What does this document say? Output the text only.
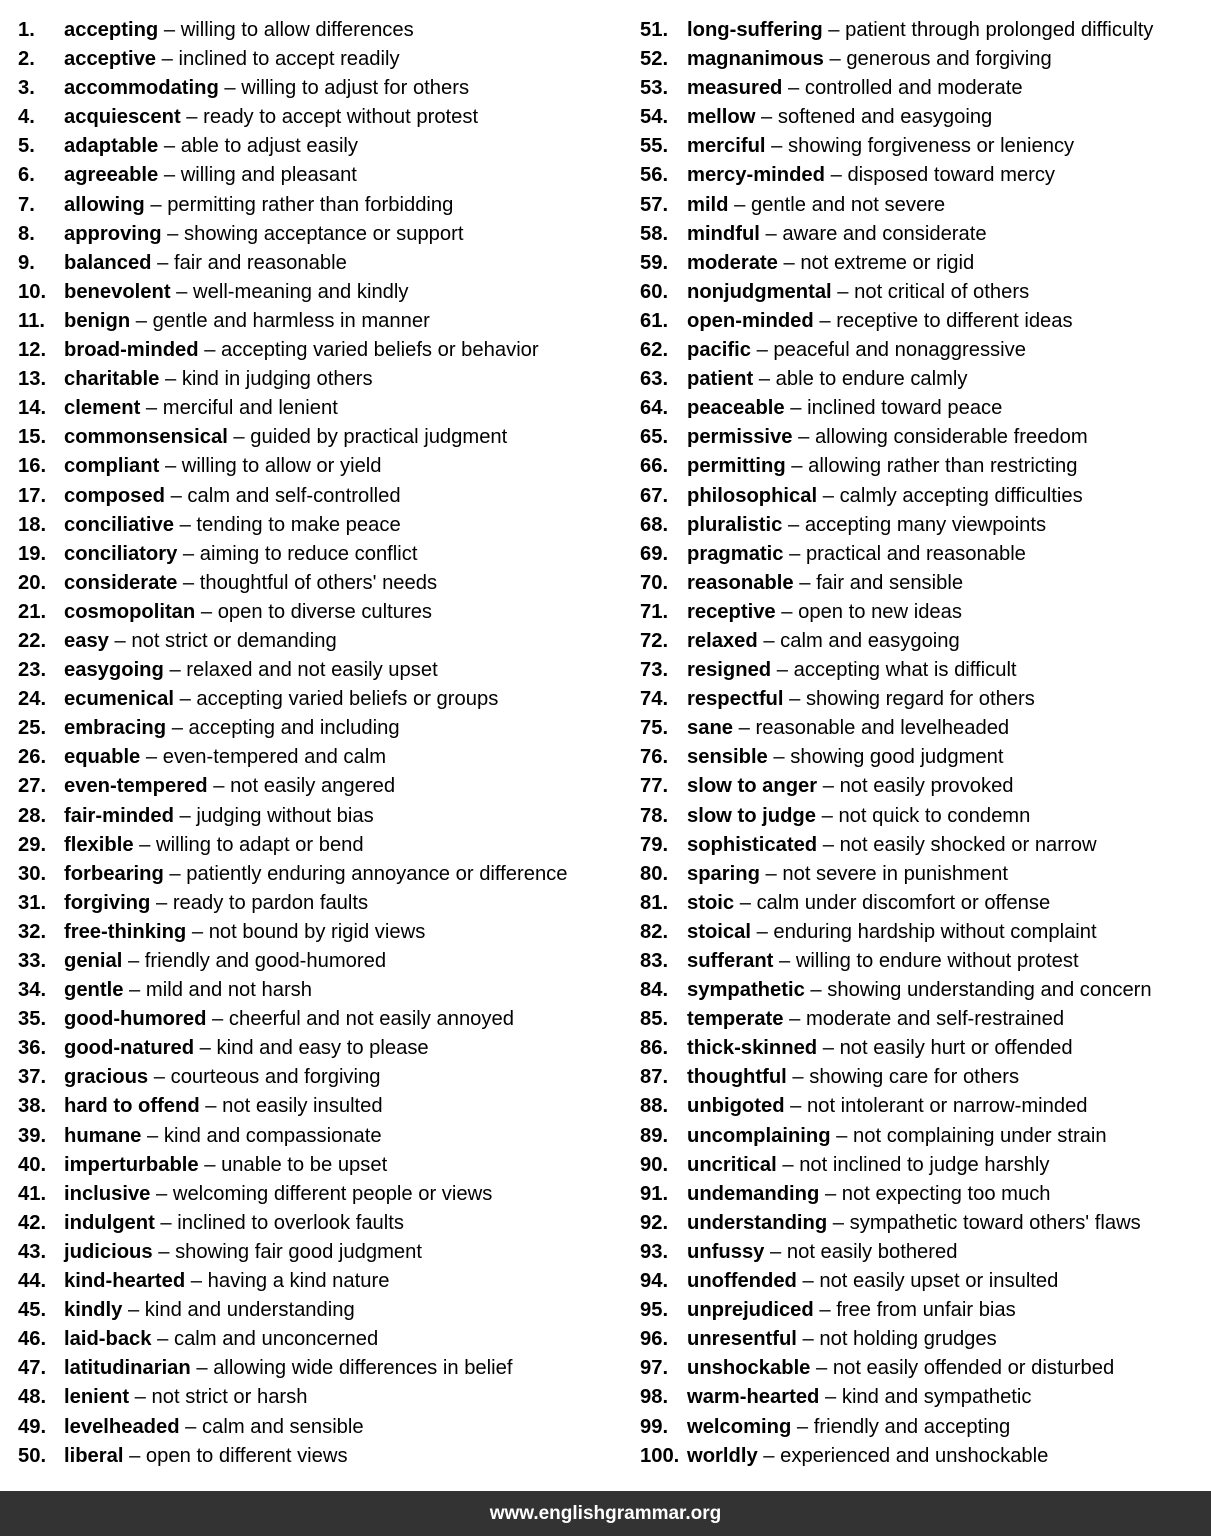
1. accepting – willing to allow differences
2. acceptive – inclined to accept readily
3. accommodating – willing to adjust for others
4. acquiescent – ready to accept without protest
5. adaptable – able to adjust easily
6. agreeable – willing and pleasant
7. allowing – permitting rather than forbidding
8. approving – showing acceptance or support
9. balanced – fair and reasonable
10. benevolent – well-meaning and kindly
11. benign – gentle and harmless in manner
12. broad-minded – accepting varied beliefs or behavior
13. charitable – kind in judging others
14. clement – merciful and lenient
15. commonsensical – guided by practical judgment
16. compliant – willing to allow or yield
17. composed – calm and self-controlled
18. conciliative – tending to make peace
19. conciliatory – aiming to reduce conflict
20. considerate – thoughtful of others' needs
21. cosmopolitan – open to diverse cultures
22. easy – not strict or demanding
23. easygoing – relaxed and not easily upset
24. ecumenical – accepting varied beliefs or groups
25. embracing – accepting and including
26. equable – even-tempered and calm
27. even-tempered – not easily angered
28. fair-minded – judging without bias
29. flexible – willing to adapt or bend
30. forbearing – patiently enduring annoyance or difference
31. forgiving – ready to pardon faults
32. free-thinking – not bound by rigid views
33. genial – friendly and good-humored
34. gentle – mild and not harsh
35. good-humored – cheerful and not easily annoyed
36. good-natured – kind and easy to please
37. gracious – courteous and forgiving
38. hard to offend – not easily insulted
39. humane – kind and compassionate
40. imperturbable – unable to be upset
41. inclusive – welcoming different people or views
42. indulgent – inclined to overlook faults
43. judicious – showing fair good judgment
44. kind-hearted – having a kind nature
45. kindly – kind and understanding
46. laid-back – calm and unconcerned
47. latitudinarian – allowing wide differences in belief
48. lenient – not strict or harsh
49. levelheaded – calm and sensible
50. liberal – open to different views
51. long-suffering – patient through prolonged difficulty
52. magnanimous – generous and forgiving
53. measured – controlled and moderate
54. mellow – softened and easygoing
55. merciful – showing forgiveness or leniency
56. mercy-minded – disposed toward mercy
57. mild – gentle and not severe
58. mindful – aware and considerate
59. moderate – not extreme or rigid
60. nonjudgmental – not critical of others
61. open-minded – receptive to different ideas
62. pacific – peaceful and nonaggressive
63. patient – able to endure calmly
64. peaceable – inclined toward peace
65. permissive – allowing considerable freedom
66. permitting – allowing rather than restricting
67. philosophical – calmly accepting difficulties
68. pluralistic – accepting many viewpoints
69. pragmatic – practical and reasonable
70. reasonable – fair and sensible
71. receptive – open to new ideas
72. relaxed – calm and easygoing
73. resigned – accepting what is difficult
74. respectful – showing regard for others
75. sane – reasonable and levelheaded
76. sensible – showing good judgment
77. slow to anger – not easily provoked
78. slow to judge – not quick to condemn
79. sophisticated – not easily shocked or narrow
80. sparing – not severe in punishment
81. stoic – calm under discomfort or offense
82. stoical – enduring hardship without complaint
83. sufferant – willing to endure without protest
84. sympathetic – showing understanding and concern
85. temperate – moderate and self-restrained
86. thick-skinned – not easily hurt or offended
87. thoughtful – showing care for others
88. unbigoted – not intolerant or narrow-minded
89. uncomplaining – not complaining under strain
90. uncritical – not inclined to judge harshly
91. undemanding – not expecting too much
92. understanding – sympathetic toward others' flaws
93. unfussy – not easily bothered
94. unoffended – not easily upset or insulted
95. unprejudiced – free from unfair bias
96. unresentful – not holding grudges
97. unshockable – not easily offended or disturbed
98. warm-hearted – kind and sympathetic
99. welcoming – friendly and accepting
100. worldly – experienced and unshockable
www.englishgrammar.org
